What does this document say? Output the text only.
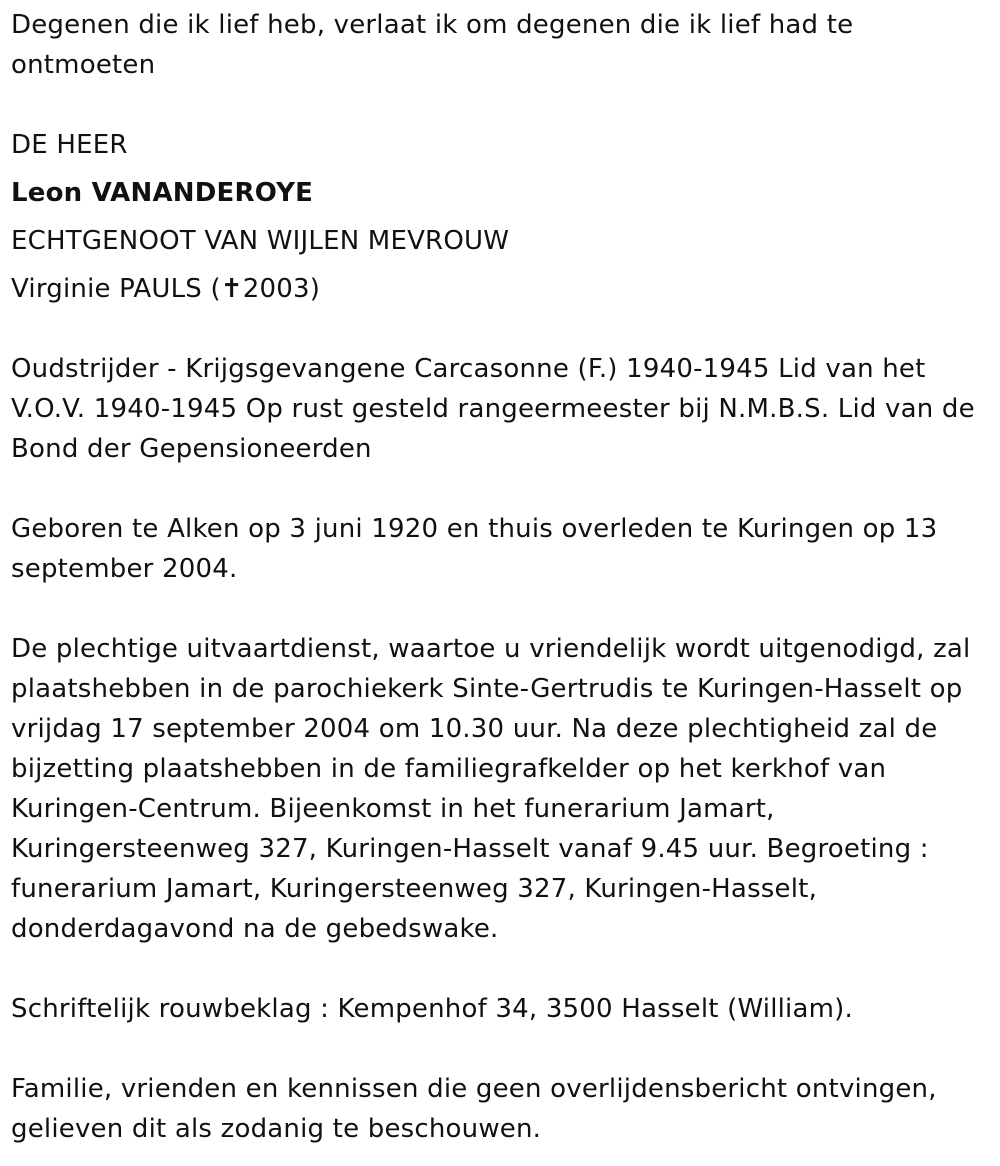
Degenen die ik lief heb, verlaat ik om degenen die ik lief had te
ontmoeten
DE HEER
Leon VANANDEROYE
ECHTGENOOT VAN WIJLEN MEVROUW
Virginie PAULS (✝2003)
Oudstrijder - Krijgsgevangene Carcasonne (F.) 1940-1945 Lid van het
V.O.V. 1940-1945 Op rust gesteld rangeermeester bij N.M.B.S. Lid van de
Bond der Gepensioneerden
Geboren te Alken op 3 juni 1920 en thuis overleden te Kuringen op 13
september 2004.
De plechtige uitvaartdienst, waartoe u vriendelijk wordt uitgenodigd, zal
plaatshebben in de parochiekerk Sinte-Gertrudis te Kuringen-Hasselt op
vrijdag 17 september 2004 om 10.30 uur. Na deze plechtigheid zal de
bijzetting plaatshebben in de familiegrafkelder op het kerkhof van
Kuringen-Centrum. Bijeenkomst in het funerarium Jamart,
Kuringersteenweg 327, Kuringen-Hasselt vanaf 9.45 uur. Begroeting :
funerarium Jamart, Kuringersteenweg 327, Kuringen-Hasselt,
donderdagavond na de gebedswake.
Schriftelijk rouwbeklag : Kempenhof 34, 3500 Hasselt (William).
Familie, vrienden en kennissen die geen overlijdensbericht ontvingen,
gelieven dit als zodanig te beschouwen.
